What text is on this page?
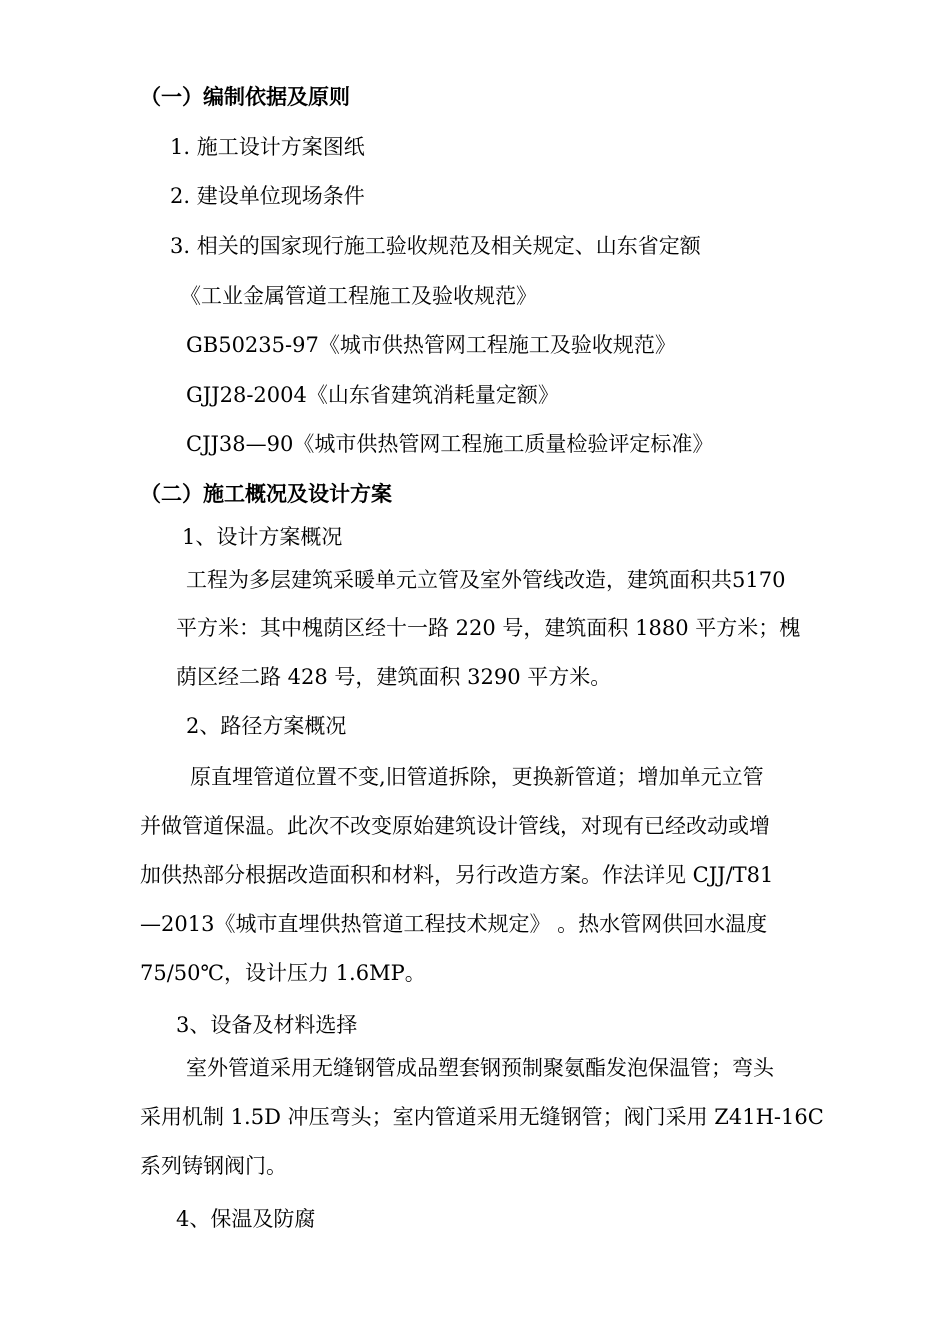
（一）编制依据及原则
1. 施工设计方案图纸
2. 建设单位现场条件
3. 相关的国家现行施工验收规范及相关规定、山东省定额
《工业金属管道工程施工及验收规范》
GB50235-97《城市供热管网工程施工及验收规范》
GJJ28-2004《山东省建筑消耗量定额》
CJJ38—90《城市供热管网工程施工质量检验评定标准》
（二）施工概况及设计方案
1、设计方案概况
工程为多层建筑采暖单元立管及室外管线改造，建筑面积共5170
平方米：其中槐荫区经十一路 220 号，建筑面积 1880 平方米；槐
荫区经二路 428 号，建筑面积 3290 平方米。
2、路径方案概况
原直埋管道位置不变,旧管道拆除，更换新管道；增加单元立管
并做管道保温。此次不改变原始建筑设计管线，对现有已经改动或增
加供热部分根据改造面积和材料，另行改造方案。作法详见 CJJ/T81
—2013《城市直埋供热管道工程技术规定》 。热水管网供回水温度
75/50℃，设计压力 1.6MP。
3、设备及材料选择
室外管道采用无缝钢管成品塑套钢预制聚氨酯发泡保温管；弯头
采用机制 1.5D 冲压弯头；室内管道采用无缝钢管；阀门采用 Z41H-16C
系列铸钢阀门。
4、保温及防腐
